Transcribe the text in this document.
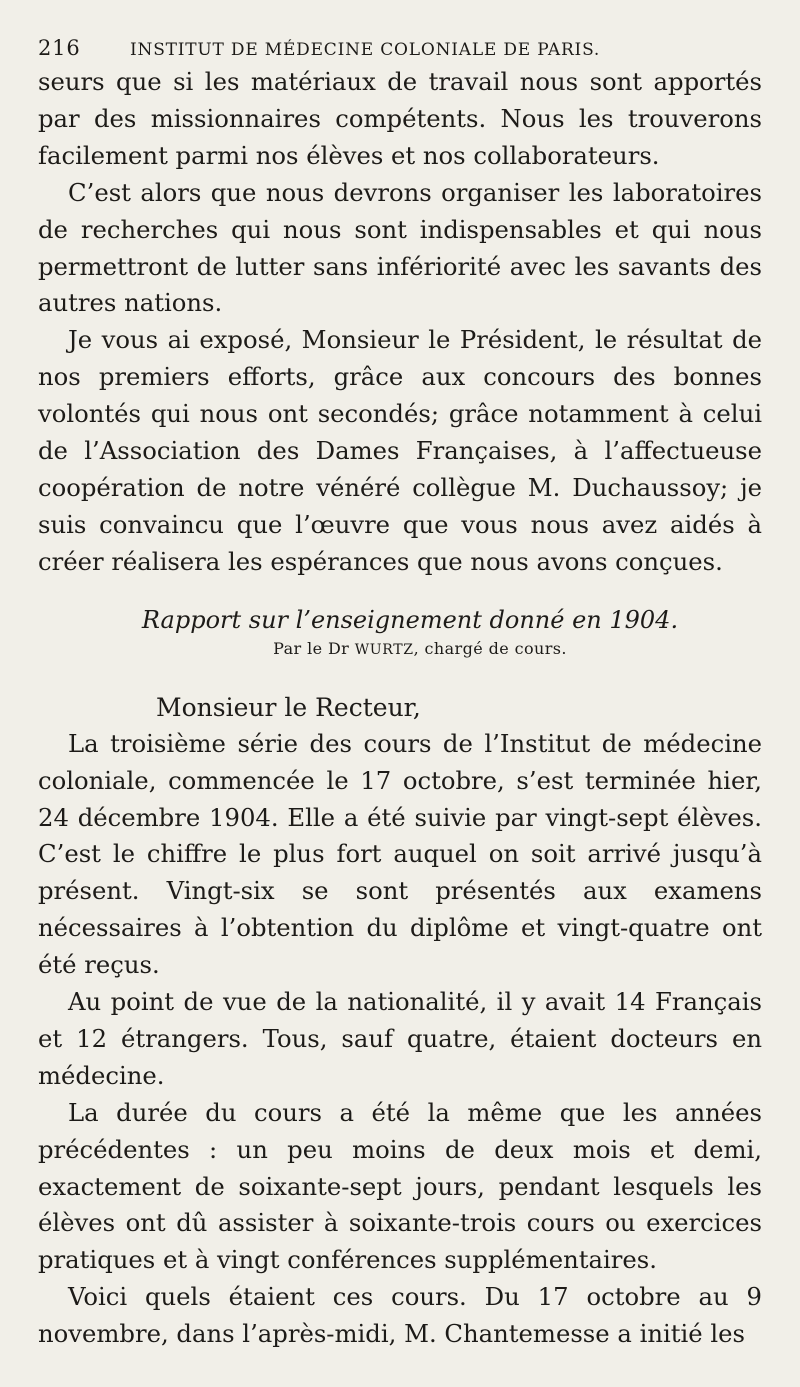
216	INSTITUT DE MÉDECINE COLONIALE DE PARIS.

seurs que si les matériaux de travail nous sont apportés par des missionnaires compétents. Nous les trouverons facilement parmi nos élèves et nos collaborateurs.

C’est alors que nous devrons organiser les laboratoires de recherches qui nous sont indispensables et qui nous permettront de lutter sans infériorité avec les savants des autres nations.

Je vous ai exposé, Monsieur le Président, le résultat de nos premiers efforts, grâce aux concours des bonnes volontés qui nous ont secondés; grâce notamment à celui de l’Association des Dames Françaises, à l’affectueuse coopération de notre vénéré collègue M. Duchaussoy; je suis convaincu que l’œuvre que vous nous avez aidés à créer réalisera les espérances que nous avons conçues.

Rapport sur l’enseignement donné en 1904.
Par le Dr WURTZ, chargé de cours.
Monsieur le Recteur,

La troisième série des cours de l’Institut de médecine coloniale, commencée le 17 octobre, s’est terminée hier, 24 décembre 1904. Elle a été suivie par vingt-sept élèves. C’est le chiffre le plus fort auquel on soit arrivé jusqu’à présent. Vingt-six se sont présentés aux examens nécessaires à l’obtention du diplôme et vingt-quatre ont été reçus.

Au point de vue de la nationalité, il y avait 14 Français et 12 étrangers. Tous, sauf quatre, étaient docteurs en médecine.

La durée du cours a été la même que les années précédentes : un peu moins de deux mois et demi, exactement de soixante-sept jours, pendant lesquels les élèves ont dû assister à soixante-trois cours ou exercices pratiques et à vingt conférences supplémentaires.

Voici quels étaient ces cours. Du 17 octobre au 9 novembre, dans l’après-midi, M. Chantemesse a initié les
